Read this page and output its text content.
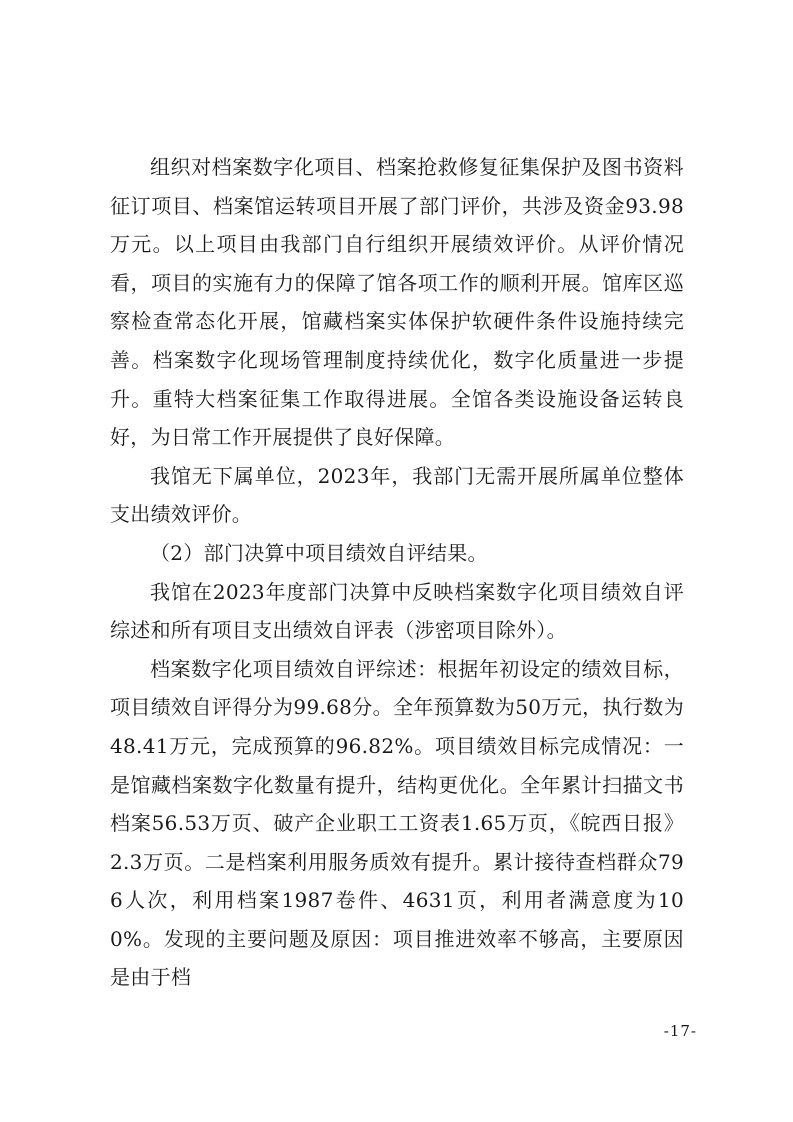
组织对档案数字化项目、档案抢救修复征集保护及图书资料征订项目、档案馆运转项目开展了部门评价，共涉及资金93.98万元。以上项目由我部门自行组织开展绩效评价。从评价情况看，项目的实施有力的保障了馆各项工作的顺利开展。馆库区巡察检查常态化开展，馆藏档案实体保护软硬件条件设施持续完善。档案数字化现场管理制度持续优化，数字化质量进一步提升。重特大档案征集工作取得进展。全馆各类设施设备运转良好，为日常工作开展提供了良好保障。

我馆无下属单位，2023年，我部门无需开展所属单位整体支出绩效评价。

（2）部门决算中项目绩效自评结果。

我馆在2023年度部门决算中反映档案数字化项目绩效自评综述和所有项目支出绩效自评表（涉密项目除外）。

档案数字化项目绩效自评综述：根据年初设定的绩效目标，项目绩效自评得分为99.68分。全年预算数为50万元，执行数为48.41万元，完成预算的96.82%。项目绩效目标完成情况：一是馆藏档案数字化数量有提升，结构更优化。全年累计扫描文书档案56.53万页、破产企业职工工资表1.65万页，《皖西日报》2.3万页。二是档案利用服务质效有提升。累计接待查档群众796人次，利用档案1987卷件、4631页，利用者满意度为100%。发现的主要问题及原因：项目推进效率不够高，主要原因是由于档

-17-
